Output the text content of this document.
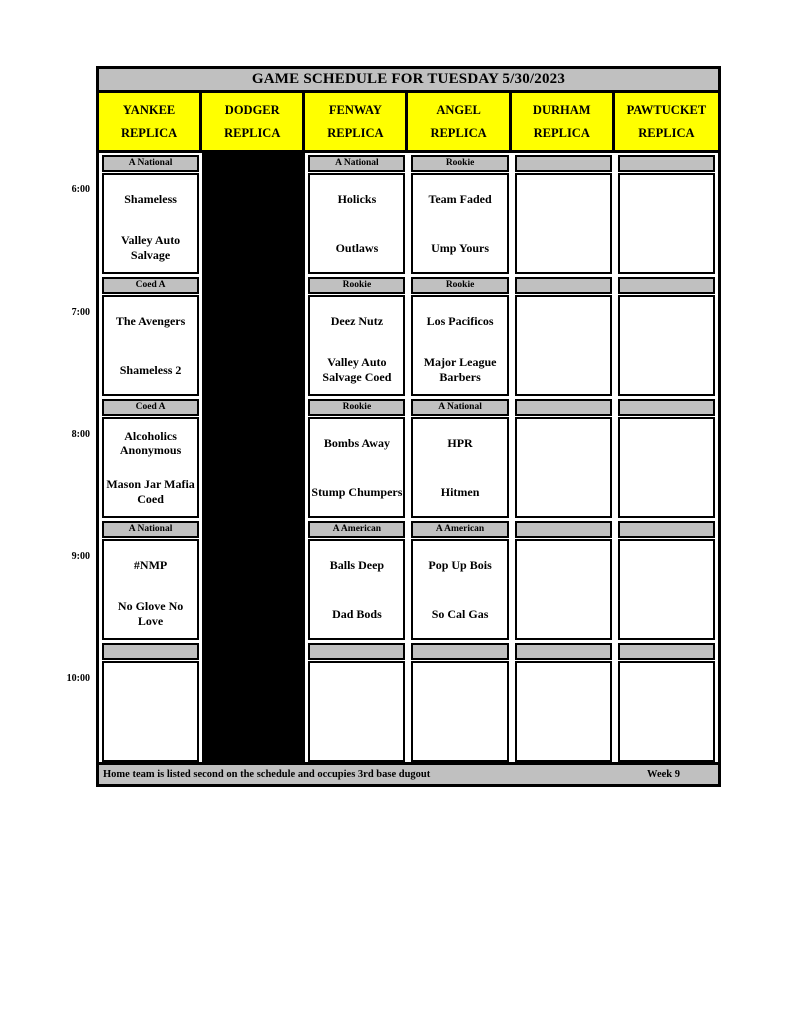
6:00
7:00
8:00
9:00
10:00
GAME SCHEDULE FOR TUESDAY 5/30/2023
YANKEE
REPLICA
DODGER
REPLICA
FENWAY
REPLICA
ANGEL
REPLICA
DURHAM
REPLICA
PAWTUCKET
REPLICA
A National
Shameless
Valley Auto Salvage
Coed A
The Avengers
Shameless 2
Coed A
Alcoholics Anonymous
Mason Jar Mafia Coed
A National
#NMP
No Glove No Love
A National
Holicks
Outlaws
Rookie
Deez Nutz
Valley Auto Salvage Coed
Rookie
Bombs Away
Stump Chumpers
A American
Balls Deep
Dad Bods
Rookie
Team Faded
Ump Yours
Rookie
Los Pacificos
Major League Barbers
A National
HPR
Hitmen
A American
Pop Up Bois
So Cal Gas
Home team is listed second on the schedule and occupies 3rd base dugout	Week 9
